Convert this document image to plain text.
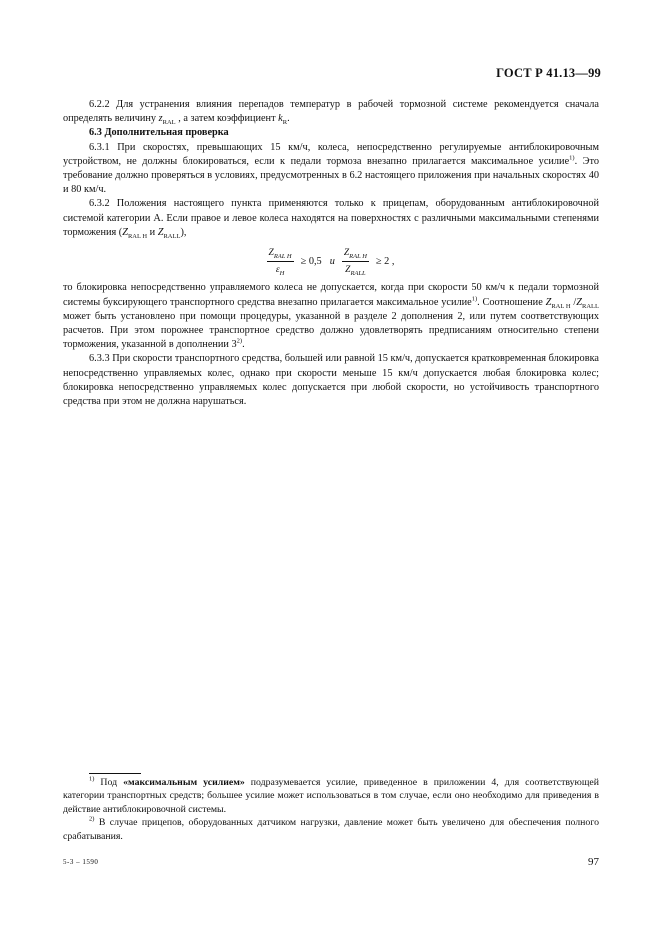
ГОСТ Р 41.13—99

6.2.2 Для устранения влияния перепадов температур в рабочей тормозной системе рекомендуется сначала определять величину $z_{RAL}$ , а затем коэффициент $k_R$.

6.3 Дополнительная проверка

6.3.1 При скоростях, превышающих 15 км/ч, колеса, непосредственно регулируемые антиблокировочным устройством, не должны блокироваться, если к педали тормоза внезапно прилагается максимальное усилие$^{1)}$. Это требование должно проверяться в условиях, предусмотренных в 6.2 настоящего приложения при начальных скоростях 40 и 80 км/ч.

6.3.2 Положения настоящего пункта применяются только к прицепам, оборудованным антиблокировочной системой категории А. Если правое и левое колеса находятся на поверхностях с различными максимальными степенями торможения ($Z_{RAL H}$ и $Z_{RALL}$),

$\frac{Z_{RAL H}}{\varepsilon_H} \ge 0,5$ и $\frac{Z_{RAL H}}{Z_{RALL}} \ge 2$ ,

то блокировка непосредственно управляемого колеса не допускается, когда при скорости 50 км/ч к педали тормозной системы буксирующего транспортного средства внезапно прилагается максимальное усилие$^{1)}$. Соотношение $Z_{RAL H}$ $/Z_{RALL}$ может быть установлено при помощи процедуры, указанной в разделе 2 дополнения 2, или путем соответствующих расчетов. При этом порожнее транспортное средство должно удовлетворять предписаниям относительно степени торможения, указанной в дополнении 3$^{2)}$.

6.3.3 При скорости транспортного средства, большей или равной 15 км/ч, допускается кратковременная блокировка непосредственно управляемых колес, однако при скорости меньше 15 км/ч допускается любая блокировка колес; блокировка непосредственно управляемых колес допускается при любой скорости, но устойчивость транспортного средства при этом не должна нарушаться.

$^{1)}$ Под «максимальным усилием» подразумевается усилие, приведенное в приложении 4, для соответствующей категории транспортных средств; большее усилие может использоваться в том случае, если оно необходимо для приведения в действие антиблокировочной системы.

$^{2)}$ В случае прицепов, оборудованных датчиком нагрузки, давление может быть увеличено для обеспечения полного срабатывания.

5-3 – 1590	97
